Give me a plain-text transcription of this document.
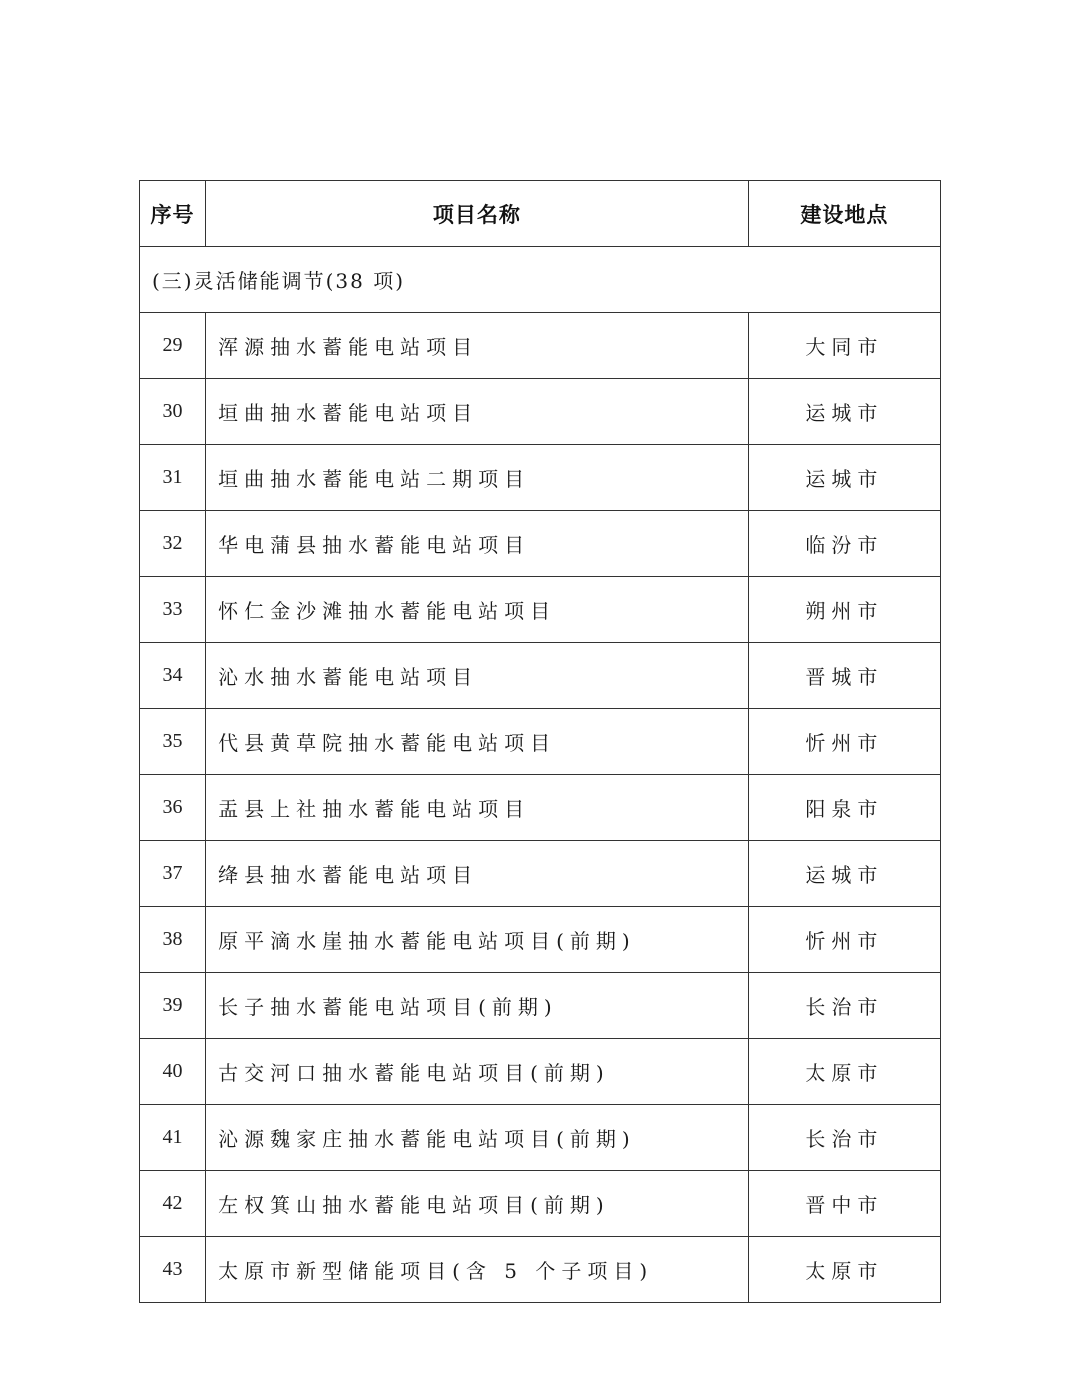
序号	项目名称	建设地点
(三)灵活储能调节(38 项)		
29	浑源抽水蓄能电站项目	大同市
30	垣曲抽水蓄能电站项目	运城市
31	垣曲抽水蓄能电站二期项目	运城市
32	华电蒲县抽水蓄能电站项目	临汾市
33	怀仁金沙滩抽水蓄能电站项目	朔州市
34	沁水抽水蓄能电站项目	晋城市
35	代县黄草院抽水蓄能电站项目	忻州市
36	盂县上社抽水蓄能电站项目	阳泉市
37	绛县抽水蓄能电站项目	运城市
38	原平滴水崖抽水蓄能电站项目(前期)	忻州市
39	长子抽水蓄能电站项目(前期)	长治市
40	古交河口抽水蓄能电站项目(前期)	太原市
41	沁源魏家庄抽水蓄能电站项目(前期)	长治市
42	左权箕山抽水蓄能电站项目(前期)	晋中市
43	太原市新型储能项目(含 5 个子项目)	太原市
